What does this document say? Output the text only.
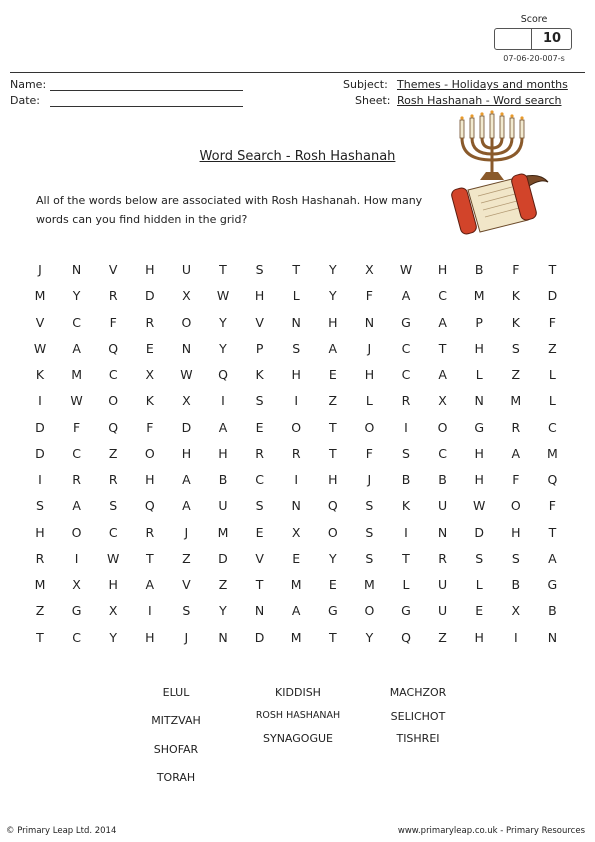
Score
10
07-06-20-007-s
Name:
Date:
Subject: Themes - Holidays and months
Sheet: Rosh Hashanah - Word search
Word Search - Rosh Hashanah
All of the words below are associated with Rosh Hashanah. How many words can you find hidden in the grid?
J	N	V	H	U	T	S	T	Y	X	W	H	B	F	T
M	Y	R	D	X	W	H	L	Y	F	A	C	M	K	D
V	C	F	R	O	Y	V	N	H	N	G	A	P	K	F
W	A	Q	E	N	Y	P	S	A	J	C	T	H	S	Z
K	M	C	X	W	Q	K	H	E	H	C	A	L	Z	L
I	W	O	K	X	I	S	I	Z	L	R	X	N	M	L
D	F	Q	F	D	A	E	O	T	O	I	O	G	R	C
D	C	Z	O	H	H	R	R	T	F	S	C	H	A	M
I	R	R	H	A	B	C	I	H	J	B	B	H	F	Q
S	A	S	Q	A	U	S	N	Q	S	K	U	W	O	F
H	O	C	R	J	M	E	X	O	S	I	N	D	H	T
R	I	W	T	Z	D	V	E	Y	S	T	R	S	S	A
M	X	H	A	V	Z	T	M	E	M	L	U	L	B	G
Z	G	X	I	S	Y	N	A	G	O	G	U	E	X	B
T	C	Y	H	J	N	D	M	T	Y	Q	Z	H	I	N
ELUL	KIDDISH	MACHZOR
MITZVAH	ROSH HASHANAH	SELICHOT
SHOFAR
SYNAGOGUE	TISHREI
TORAH
© Primary Leap Ltd. 2014	www.primaryleap.co.uk - Primary Resources
